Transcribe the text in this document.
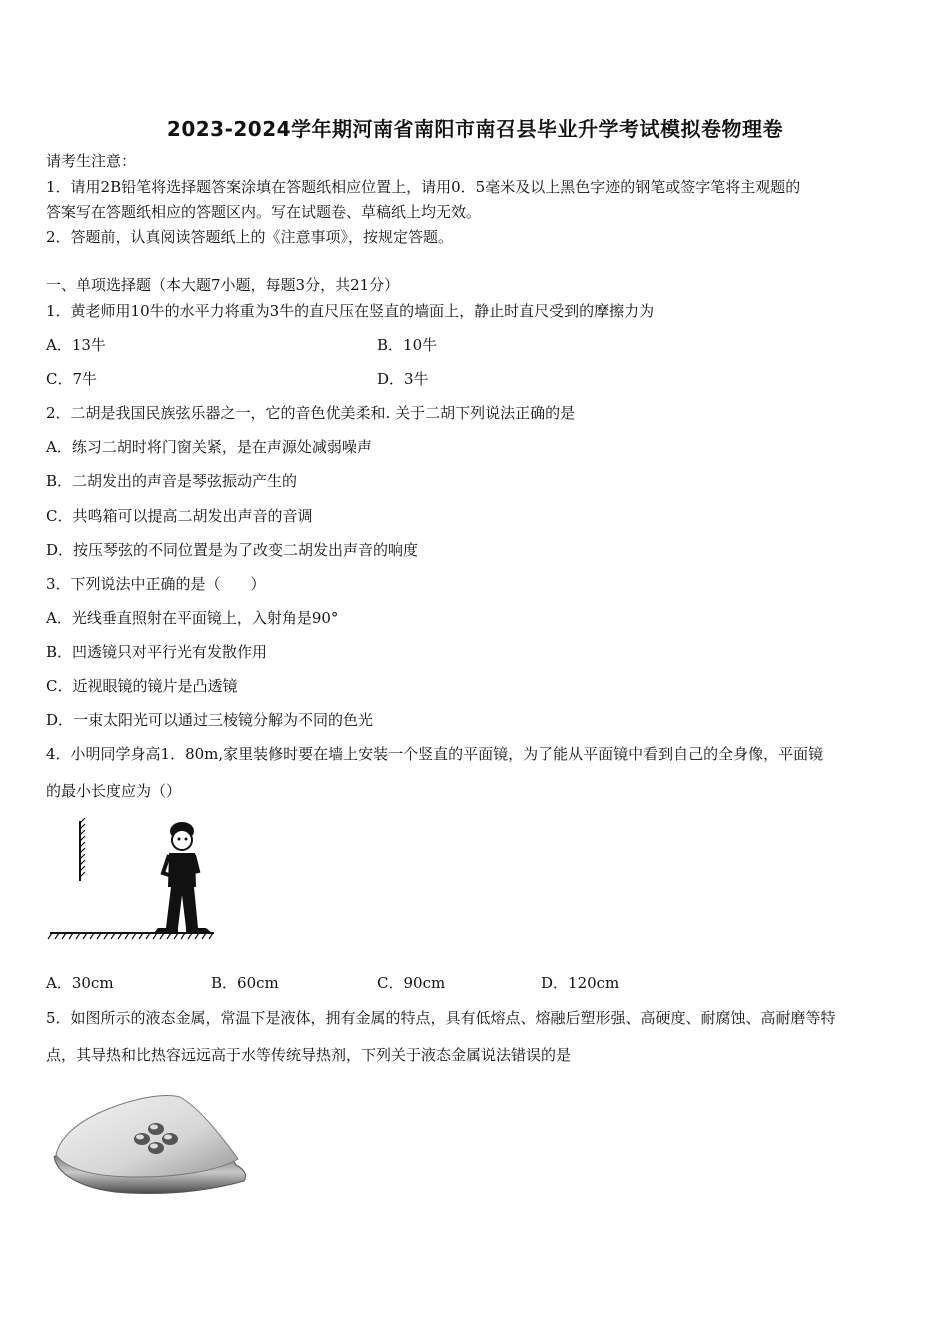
2023-2024学年期河南省南阳市南召县毕业升学考试模拟卷物理卷
请考生注意：
1．请用2B铅笔将选择题答案涂填在答题纸相应位置上，请用0．5毫米及以上黑色字迹的钢笔或签字笔将主观题的
答案写在答题纸相应的答题区内。写在试题卷、草稿纸上均无效。
2．答题前，认真阅读答题纸上的《注意事项》，按规定答题。
一、单项选择题（本大题7小题，每题3分，共21分）
1．黄老师用10牛的水平力将重为3牛的直尺压在竖直的墙面上，静止时直尺受到的摩擦力为
A．13牛	B．10牛
C．7牛	D．3牛
2．二胡是我国民族弦乐器之一，它的音色优美柔和. 关于二胡下列说法正确的是
A．练习二胡时将门窗关紧，是在声源处减弱噪声
B．二胡发出的声音是琴弦振动产生的
C．共鸣箱可以提高二胡发出声音的音调
D．按压琴弦的不同位置是为了改变二胡发出声音的响度
3．下列说法中正确的是（　　）
A．光线垂直照射在平面镜上，入射角是90°
B．凹透镜只对平行光有发散作用
C．近视眼镜的镜片是凸透镜
D．一束太阳光可以通过三棱镜分解为不同的色光
4．小明同学身高1．80m,家里装修时要在墙上安装一个竖直的平面镜，为了能从平面镜中看到自己的全身像，平面镜
的最小长度应为（）
A．30cm	B．60cm	C．90cm	D．120cm
5．如图所示的液态金属，常温下是液体，拥有金属的特点，具有低熔点、熔融后塑形强、高硬度、耐腐蚀、高耐磨等特
点，其导热和比热容远远高于水等传统导热剂，下列关于液态金属说法错误的是
